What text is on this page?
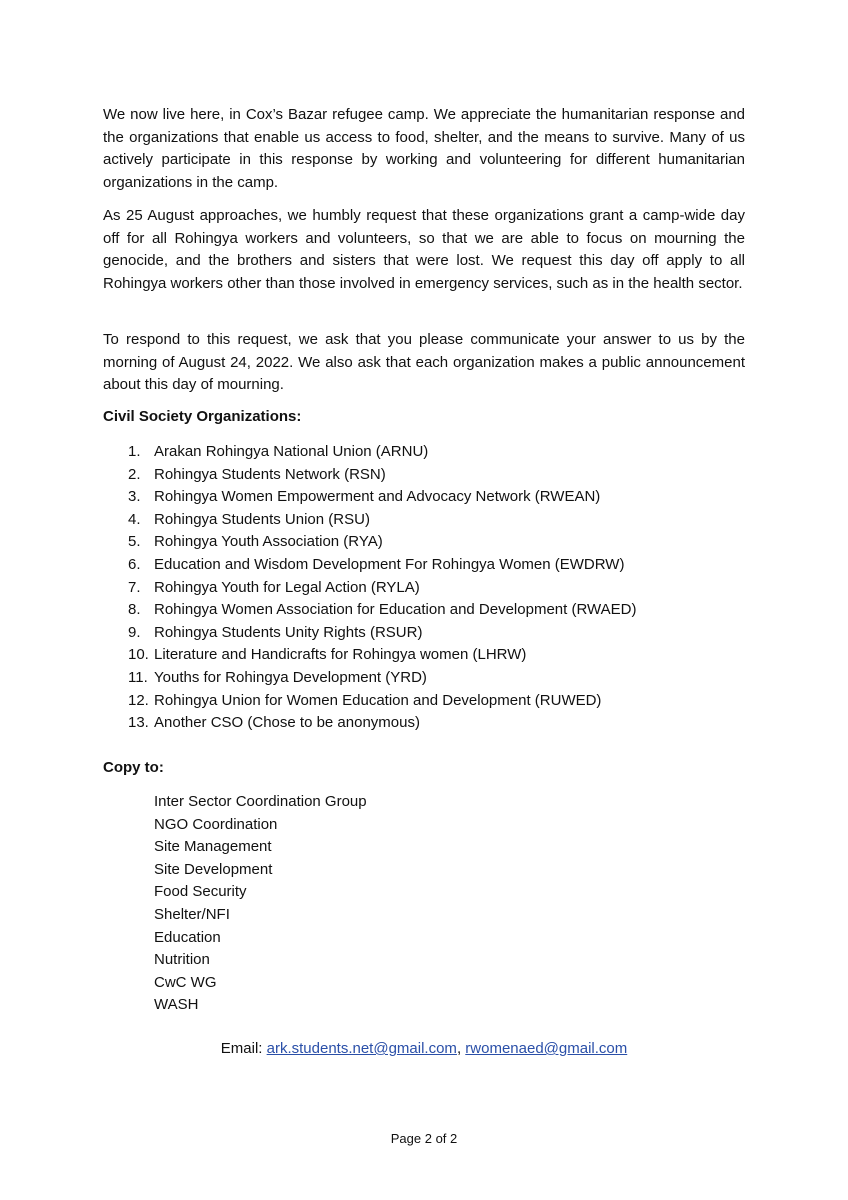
We now live here, in Cox’s Bazar refugee camp. We appreciate the humanitarian response and the organizations that enable us access to food, shelter, and the means to survive. Many of us actively participate in this response by working and volunteering for different humanitarian organizations in the camp.

As 25 August approaches, we humbly request that these organizations grant a camp-wide day off for all Rohingya workers and volunteers, so that we are able to focus on mourning the genocide, and the brothers and sisters that were lost. We request this day off apply to all Rohingya workers other than those involved in emergency services, such as in the health sector.

To respond to this request, we ask that you please communicate your answer to us by the morning of August 24, 2022. We also ask that each organization makes a public announcement about this day of mourning.

Civil Society Organizations:

1. Arakan Rohingya National Union (ARNU)
2. Rohingya Students Network (RSN)
3. Rohingya Women Empowerment and Advocacy Network (RWEAN)
4. Rohingya Students Union (RSU)
5. Rohingya Youth Association (RYA)
6. Education and Wisdom Development For Rohingya Women (EWDRW)
7. Rohingya Youth for Legal Action (RYLA)
8. Rohingya Women Association for Education and Development (RWAED)
9. Rohingya Students Unity Rights (RSUR)
10. Literature and Handicrafts for Rohingya women (LHRW)
11. Youths for Rohingya Development (YRD)
12. Rohingya Union for Women Education and Development (RUWED)
13. Another CSO (Chose to be anonymous)

Copy to:

Inter Sector Coordination Group
NGO Coordination
Site Management
Site Development
Food Security
Shelter/NFI
Education
Nutrition
CwC WG
WASH
Email: ark.students.net@gmail.com, rwomenaed@gmail.com
Page 2 of 2
